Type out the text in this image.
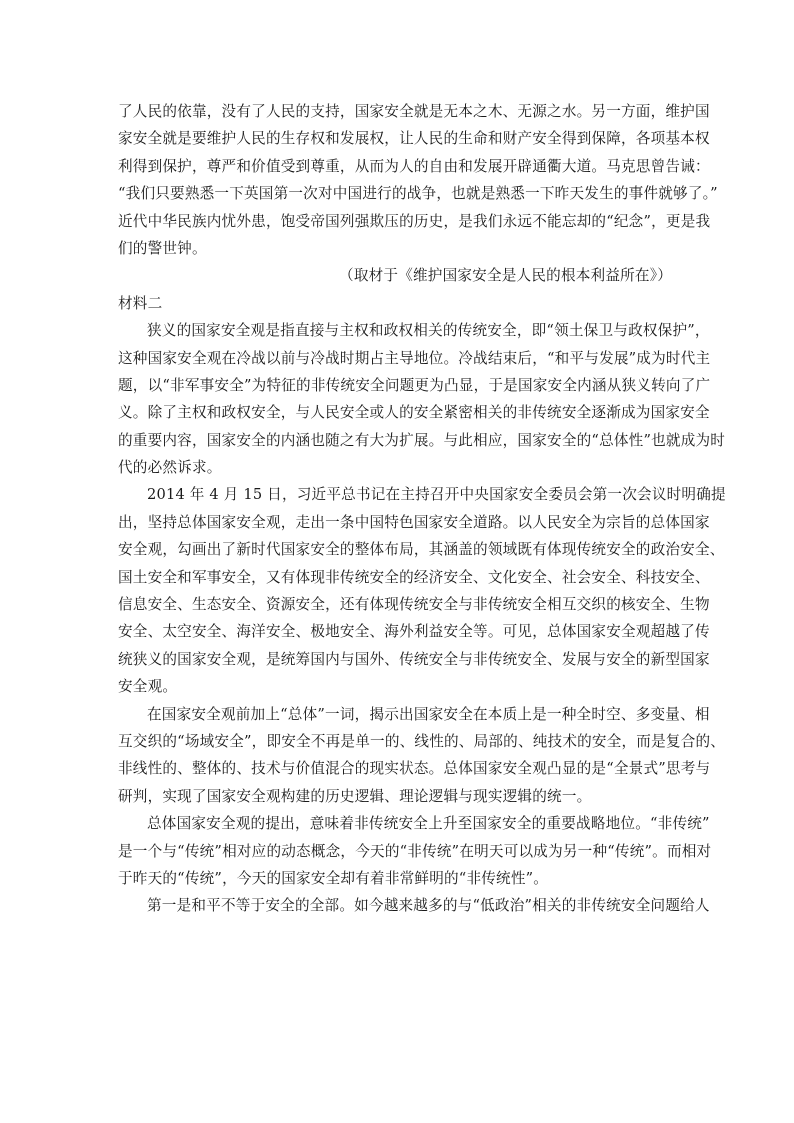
了人民的依靠，没有了人民的支持，国家安全就是无本之木、无源之水。另一方面，维护国
家安全就是要维护人民的生存权和发展权，让人民的生命和财产安全得到保障，各项基本权
利得到保护，尊严和价值受到尊重，从而为人的自由和发展开辟通衢大道。马克思曾告诫：
“我们只要熟悉一下英国第一次对中国进行的战争，也就是熟悉一下昨天发生的事件就够了。”
近代中华民族内忧外患，饱受帝国列强欺压的历史，是我们永远不能忘却的“纪念”，更是我
们的警世钟。
（取材于《维护国家安全是人民的根本利益所在》）
材料二
狭义的国家安全观是指直接与主权和政权相关的传统安全，即“领土保卫与政权保护”，
这种国家安全观在冷战以前与冷战时期占主导地位。冷战结束后，“和平与发展”成为时代主
题，以“非军事安全”为特征的非传统安全问题更为凸显，于是国家安全内涵从狭义转向了广
义。除了主权和政权安全，与人民安全或人的安全紧密相关的非传统安全逐渐成为国家安全
的重要内容，国家安全的内涵也随之有大为扩展。与此相应，国家安全的“总体性”也就成为时
代的必然诉求。
2014 年 4 月 15 日，习近平总书记在主持召开中央国家安全委员会第一次会议时明确提
出，坚持总体国家安全观，走出一条中国特色国家安全道路。以人民安全为宗旨的总体国家
安全观，勾画出了新时代国家安全的整体布局，其涵盖的领域既有体现传统安全的政治安全、
国土安全和军事安全，又有体现非传统安全的经济安全、文化安全、社会安全、科技安全、
信息安全、生态安全、资源安全，还有体现传统安全与非传统安全相互交织的核安全、生物
安全、太空安全、海洋安全、极地安全、海外利益安全等。可见，总体国家安全观超越了传
统狭义的国家安全观，是统筹国内与国外、传统安全与非传统安全、发展与安全的新型国家
安全观。
在国家安全观前加上“总体”一词，揭示出国家安全在本质上是一种全时空、多变量、相
互交织的“场域安全”，即安全不再是单一的、线性的、局部的、纯技术的安全，而是复合的、
非线性的、整体的、技术与价值混合的现实状态。总体国家安全观凸显的是“全景式”思考与
研判，实现了国家安全观构建的历史逻辑、理论逻辑与现实逻辑的统一。
总体国家安全观的提出，意味着非传统安全上升至国家安全的重要战略地位。“非传统”
是一个与“传统”相对应的动态概念，今天的“非传统”在明天可以成为另一种“传统”。而相对
于昨天的“传统”，今天的国家安全却有着非常鲜明的“非传统性”。
第一是和平不等于安全的全部。如今越来越多的与“低政治”相关的非传统安全问题给人
